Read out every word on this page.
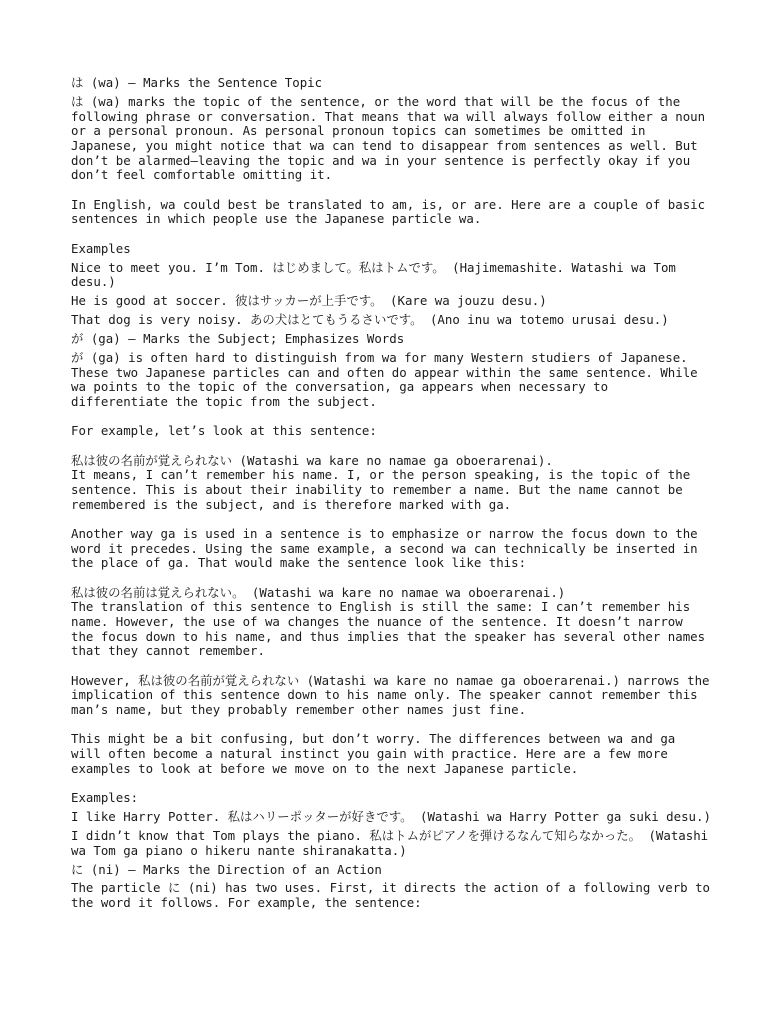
は (wa) – Marks the Sentence Topic

は (wa) marks the topic of the sentence, or the word that will be the focus of the following phrase or conversation. That means that wa will always follow either a noun or a personal pronoun. As personal pronoun topics can sometimes be omitted in Japanese, you might notice that wa can tend to disappear from sentences as well. But don’t be alarmed—leaving the topic and wa in your sentence is perfectly okay if you don’t feel comfortable omitting it.

In English, wa could best be translated to am, is, or are. Here are a couple of basic sentences in which people use the Japanese particle wa.

Examples

Nice to meet you. I’m Tom. はじめまして。私はトムです。 (Hajimemashite. Watashi wa Tom desu.)

He is good at soccer. 彼はサッカーが上手です。 (Kare wa jouzu desu.)

That dog is very noisy. あの犬はとてもうるさいです。 (Ano inu wa totemo urusai desu.)

が (ga) – Marks the Subject; Emphasizes Words

が (ga) is often hard to distinguish from wa for many Western studiers of Japanese. These two Japanese particles can and often do appear within the same sentence. While wa points to the topic of the conversation, ga appears when necessary to differentiate the topic from the subject.

For example, let’s look at this sentence:

私は彼の名前が覚えられない (Watashi wa kare no namae ga oboerarenai).

It means, I can’t remember his name. I, or the person speaking, is the topic of the sentence. This is about their inability to remember a name. But the name cannot be remembered is the subject, and is therefore marked with ga.

Another way ga is used in a sentence is to emphasize or narrow the focus down to the word it precedes. Using the same example, a second wa can technically be inserted in the place of ga. That would make the sentence look like this:

私は彼の名前は覚えられない。 (Watashi wa kare no namae wa oboerarenai.)

The translation of this sentence to English is still the same: I can’t remember his name. However, the use of wa changes the nuance of the sentence. It doesn’t narrow the focus down to his name, and thus implies that the speaker has several other names that they cannot remember.

However, 私は彼の名前が覚えられない (Watashi wa kare no namae ga oboerarenai.) narrows the implication of this sentence down to his name only. The speaker cannot remember this man’s name, but they probably remember other names just fine.

This might be a bit confusing, but don’t worry. The differences between wa and ga will often become a natural instinct you gain with practice. Here are a few more examples to look at before we move on to the next Japanese particle.

Examples:

I like Harry Potter. 私はハリーポッターが好きです。 (Watashi wa Harry Potter ga suki desu.)

I didn’t know that Tom plays the piano. 私はトムがピアノを弾けるなんて知らなかった。 (Watashi wa Tom ga piano o hikeru nante shiranakatta.)

に (ni) – Marks the Direction of an Action

The particle に (ni) has two uses. First, it directs the action of a following verb to the word it follows. For example, the sentence:
